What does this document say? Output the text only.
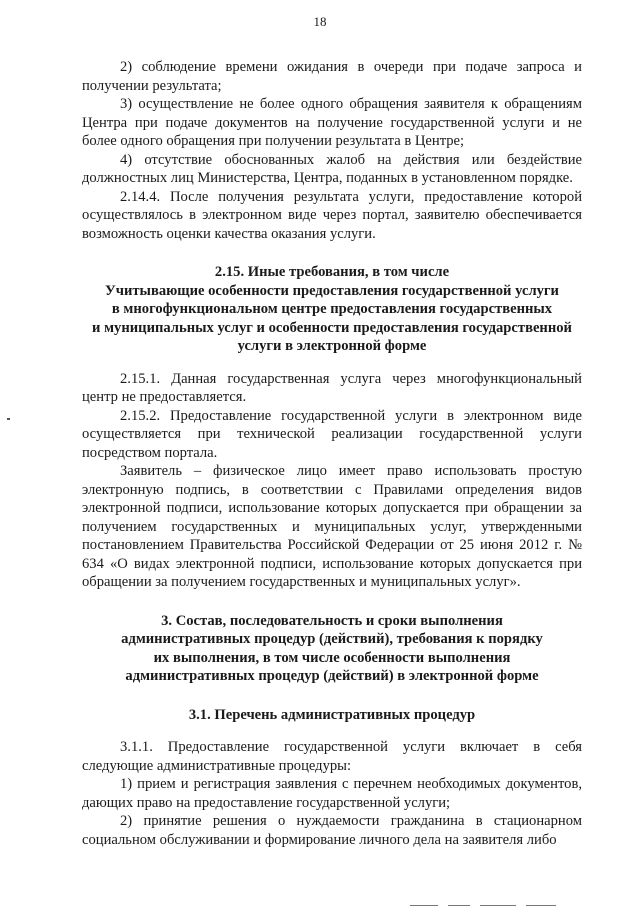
18

2) соблюдение времени ожидания в очереди при подаче запроса и получении результата;

3) осуществление не более одного обращения заявителя к обращениям Центра при подаче документов на получение государственной услуги и не более одного обращения при получении результата в Центре;

4) отсутствие обоснованных жалоб на действия или бездействие должностных лиц Министерства, Центра, поданных в установленном порядке.

2.14.4. После получения результата услуги, предоставление которой осуществлялось в электронном виде через портал, заявителю обеспечивается возможность оценки качества оказания услуги.

2.15. Иные требования, в том числе

Учитывающие особенности предоставления государственной услуги

в многофункциональном центре предоставления государственных

и муниципальных услуг и особенности предоставления государственной

услуги в электронной форме

2.15.1. Данная государственная услуга через многофункциональный центр не предоставляется.

2.15.2. Предоставление государственной услуги в электронном виде осуществляется при технической реализации государственной услуги посредством портала.

Заявитель – физическое лицо имеет право использовать простую электронную подпись, в соответствии с Правилами определения видов электронной подписи, использование которых допускается при обращении за получением государственных и муниципальных услуг, утвержденными постановлением Правительства Российской Федерации от 25 июня 2012 г. № 634 «О видах электронной подписи, использование которых допускается при обращении за получением государственных и муниципальных услуг».

3. Состав, последовательность и сроки выполнения

административных процедур (действий), требования к порядку

их выполнения, в том числе особенности выполнения

административных процедур (действий) в электронной форме

3.1. Перечень административных процедур

3.1.1. Предоставление государственной услуги включает в себя следующие административные процедуры:

1) прием и регистрация заявления с перечнем необходимых документов, дающих право на предоставление государственной услуги;

2) принятие решения о нуждаемости гражданина в стационарном социальном обслуживании и формирование личного дела на заявителя либо
